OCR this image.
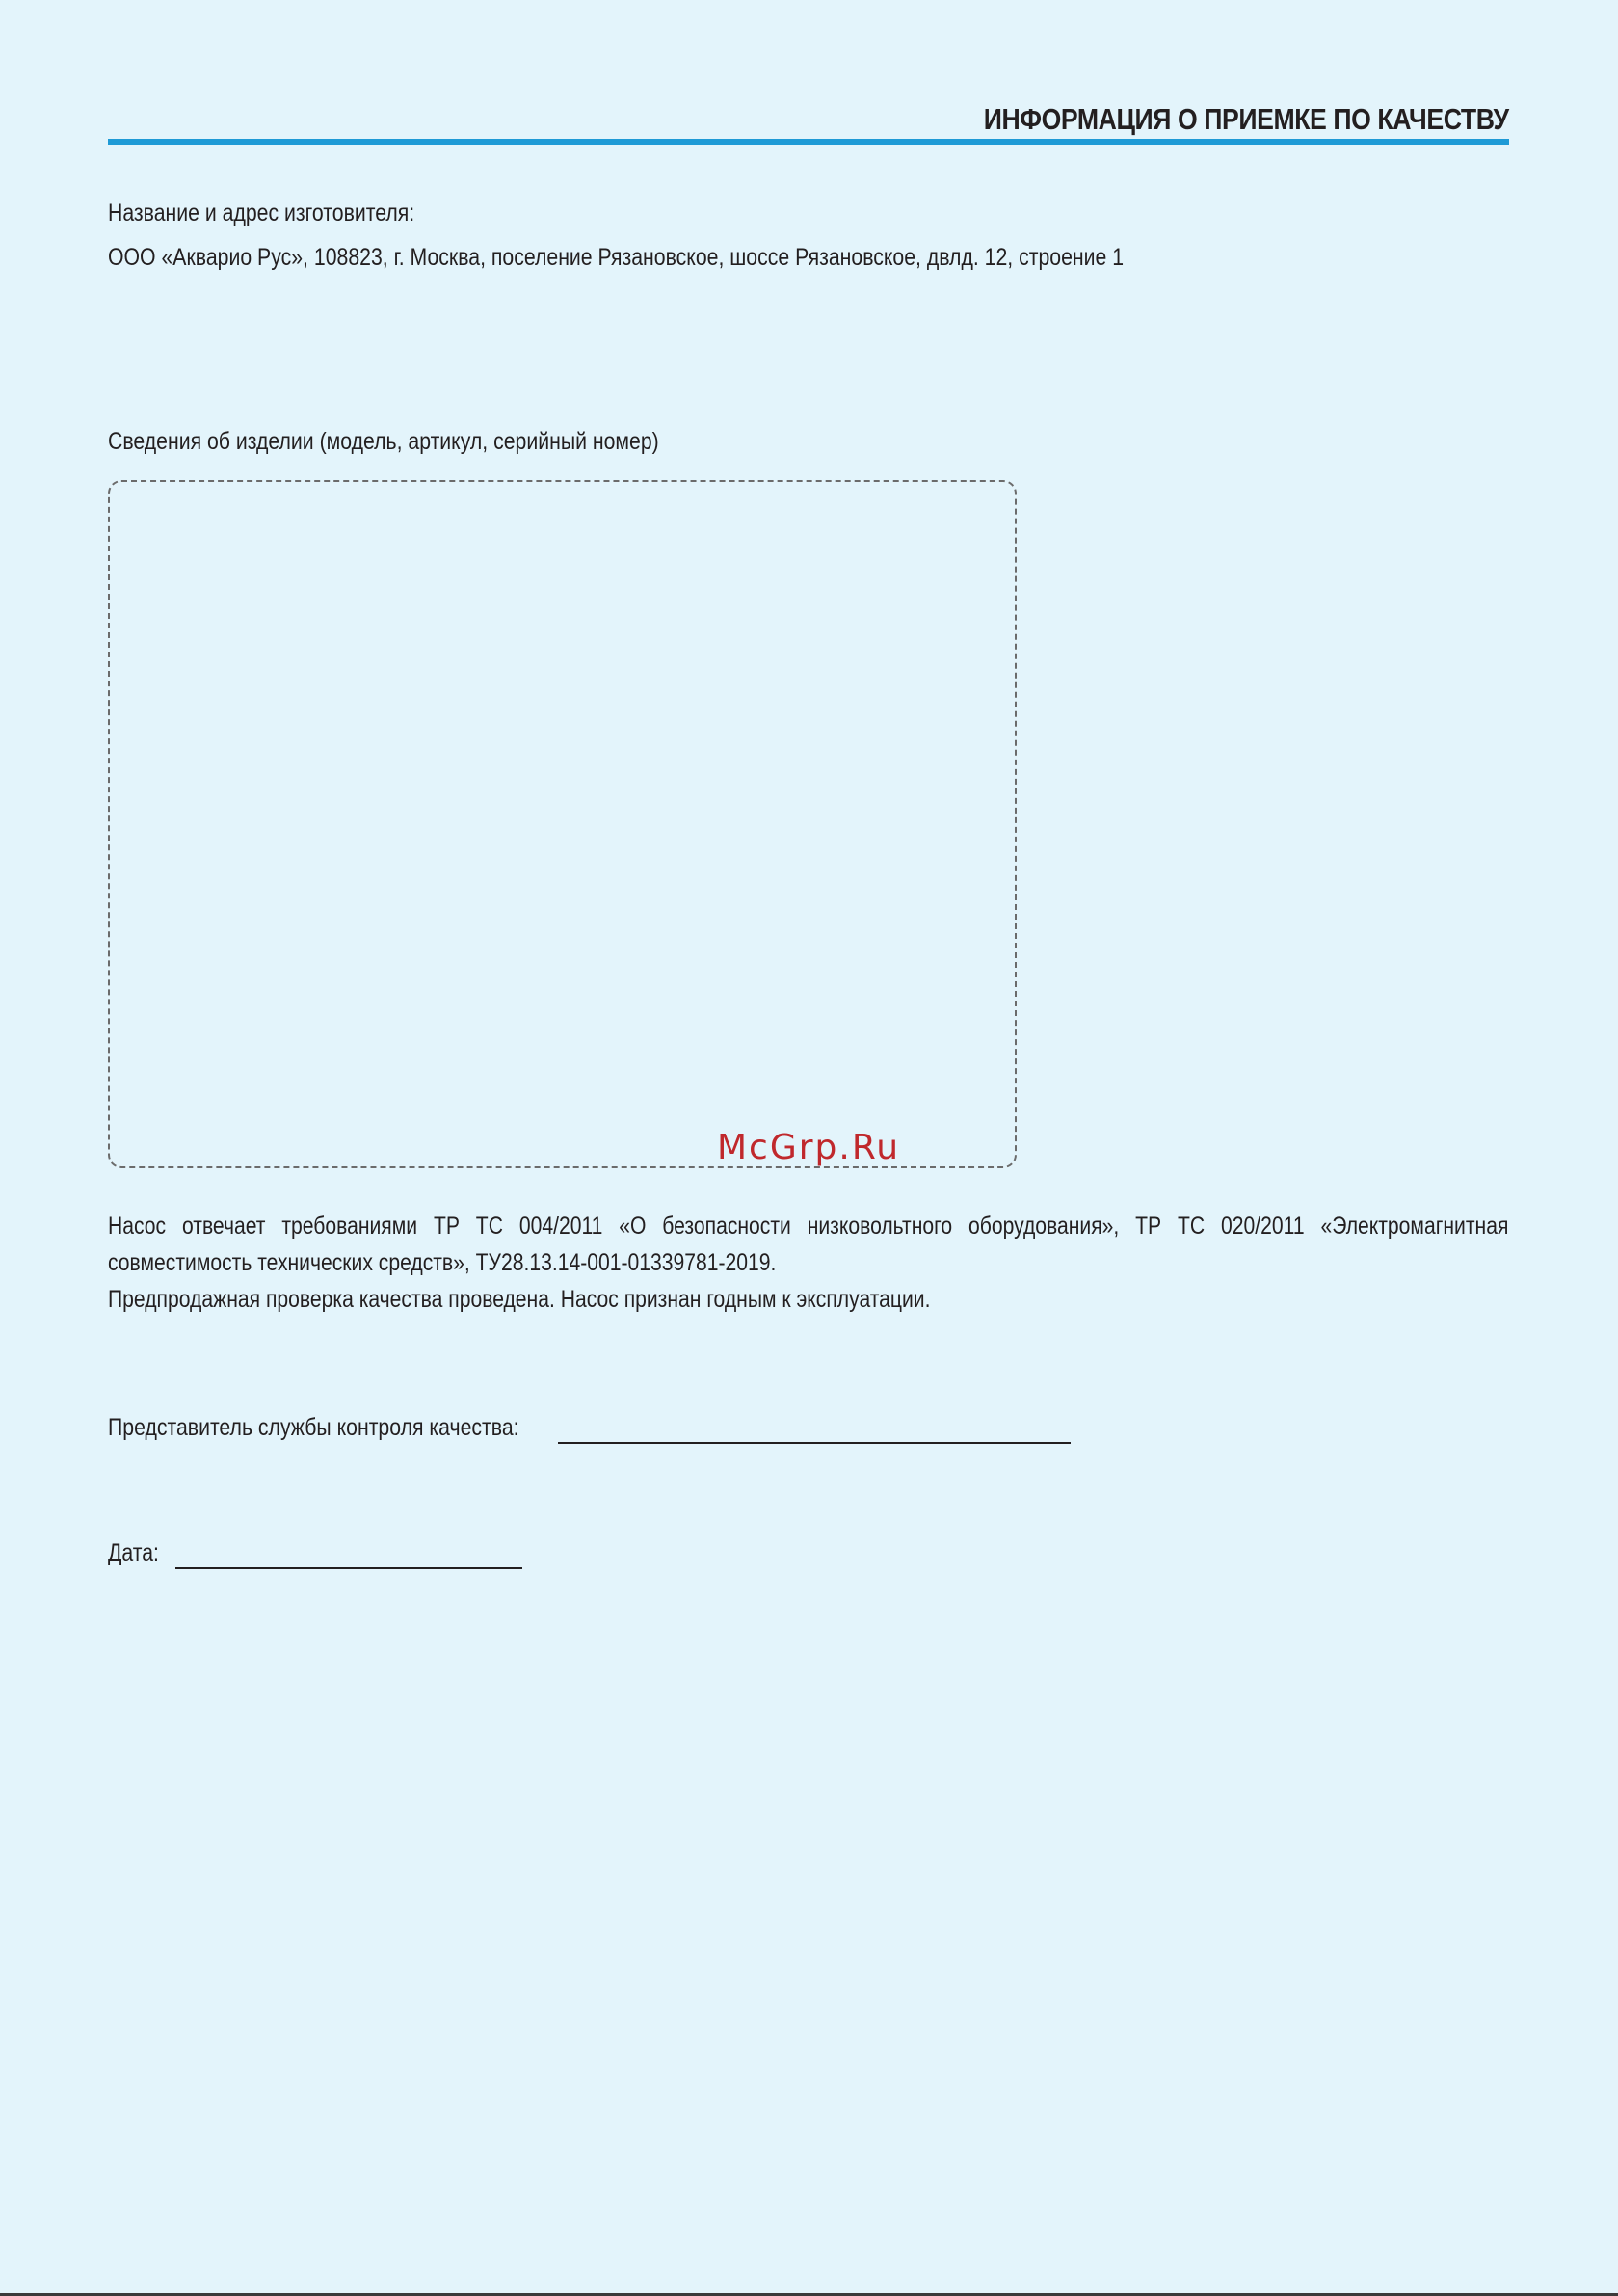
ИНФОРМАЦИЯ О ПРИЕМКЕ ПО КАЧЕСТВУ
Название и адрес изготовителя:
ООО «Акварио Рус», 108823, г. Москва, поселение Рязановское, шоссе Рязановское, двлд. 12, строение 1
Сведения об изделии (модель, артикул, серийный номер)
McGrp.Ru

Насос отвечает требованиями ТР ТС 004/2011 «О безопасности низковольтного оборудования», ТР ТС 020/2011 «Электромагнитная совместимость технических средств», ТУ28.13.14-001-01339781-2019.

Предпродажная проверка качества проведена. Насос признан годным к эксплуатации.

Представитель службы контроля качества:
Дата:
